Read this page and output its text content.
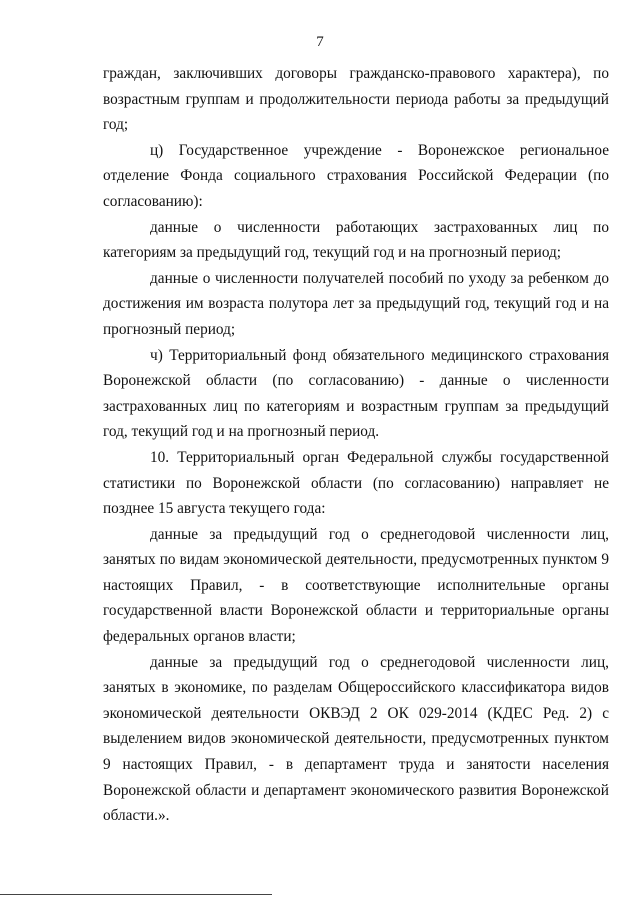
7

граждан, заключивших договоры гражданско-правового характера), по возрастным группам и продолжительности периода работы за предыдущий год;

ц) Государственное учреждение - Воронежское региональное отделение Фонда социального страхования Российской Федерации (по согласованию):

данные о численности работающих застрахованных лиц по категориям за предыдущий год, текущий год и на прогнозный период;

данные о численности получателей пособий по уходу за ребенком до достижения им возраста полутора лет за предыдущий год, текущий год и на прогнозный период;

ч) Территориальный фонд обязательного медицинского страхования Воронежской области (по согласованию) - данные о численности застрахованных лиц по категориям и возрастным группам за предыдущий год, текущий год и на прогнозный период.

10. Территориальный орган Федеральной службы государственной статистики по Воронежской области (по согласованию) направляет не позднее 15 августа текущего года:

данные за предыдущий год о среднегодовой численности лиц, занятых по видам экономической деятельности, предусмотренных пунктом 9 настоящих Правил, - в соответствующие исполнительные органы государственной власти Воронежской области и территориальные органы федеральных органов власти;

данные за предыдущий год о среднегодовой численности лиц, занятых в экономике, по разделам Общероссийского классификатора видов экономической деятельности ОКВЭД 2 ОК 029-2014 (КДЕС Ред. 2) с выделением видов экономической деятельности, предусмотренных пунктом 9 настоящих Правил, - в департамент труда и занятости населения Воронежской области и департамент экономического развития Воронежской области.».
